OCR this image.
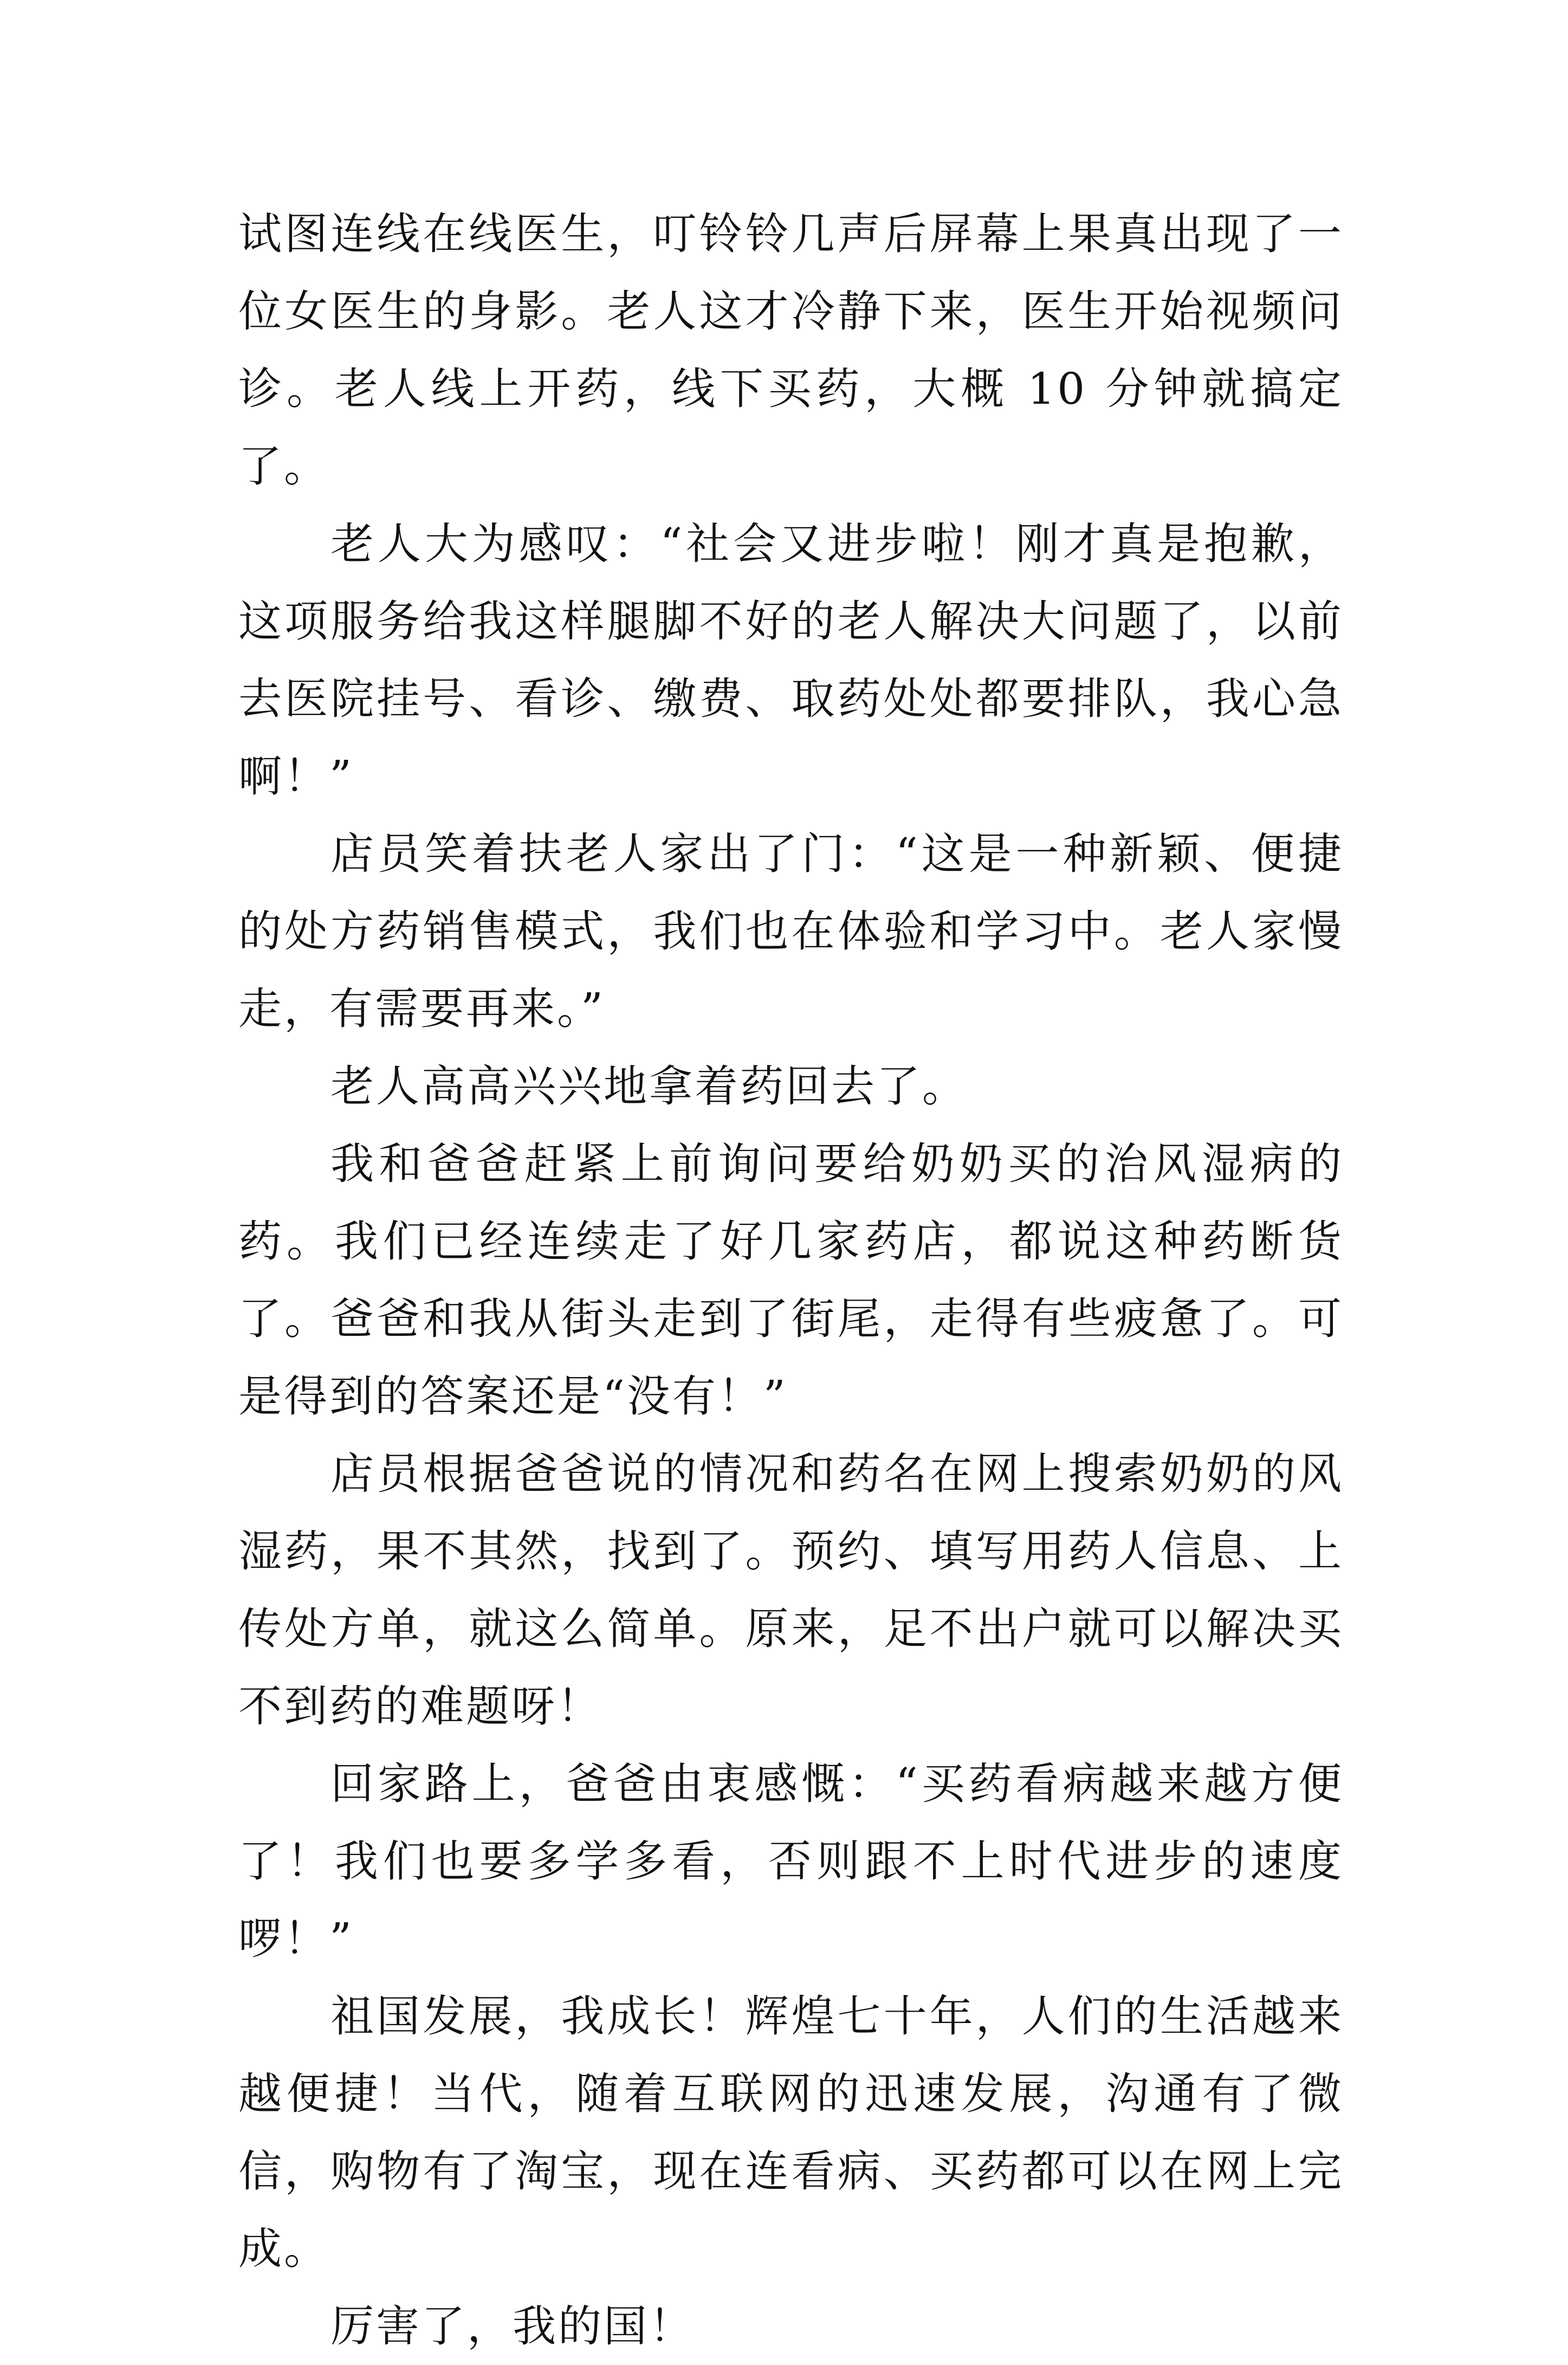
试图连线在线医生，叮铃铃几声后屏幕上果真出现了一位女医生的身影。老人这才冷静下来，医生开始视频问诊。老人线上开药，线下买药，大概 10 分钟就搞定了。

老人大为感叹：“社会又进步啦！刚才真是抱歉，这项服务给我这样腿脚不好的老人解决大问题了，以前去医院挂号、看诊、缴费、取药处处都要排队，我心急啊！”

店员笑着扶老人家出了门：“这是一种新颖、便捷的处方药销售模式，我们也在体验和学习中。老人家慢走，有需要再来。”

老人高高兴兴地拿着药回去了。

我和爸爸赶紧上前询问要给奶奶买的治风湿病的药。我们已经连续走了好几家药店，都说这种药断货了。爸爸和我从街头走到了街尾，走得有些疲惫了。可是得到的答案还是“没有！”

店员根据爸爸说的情况和药名在网上搜索奶奶的风湿药，果不其然，找到了。预约、填写用药人信息、上传处方单，就这么简单。原来，足不出户就可以解决买不到药的难题呀！

回家路上，爸爸由衷感慨：“买药看病越来越方便了！我们也要多学多看，否则跟不上时代进步的速度啰！”

祖国发展，我成长！辉煌七十年，人们的生活越来越便捷！当代，随着互联网的迅速发展，沟通有了微信，购物有了淘宝，现在连看病、买药都可以在网上完成。

厉害了，我的国！
